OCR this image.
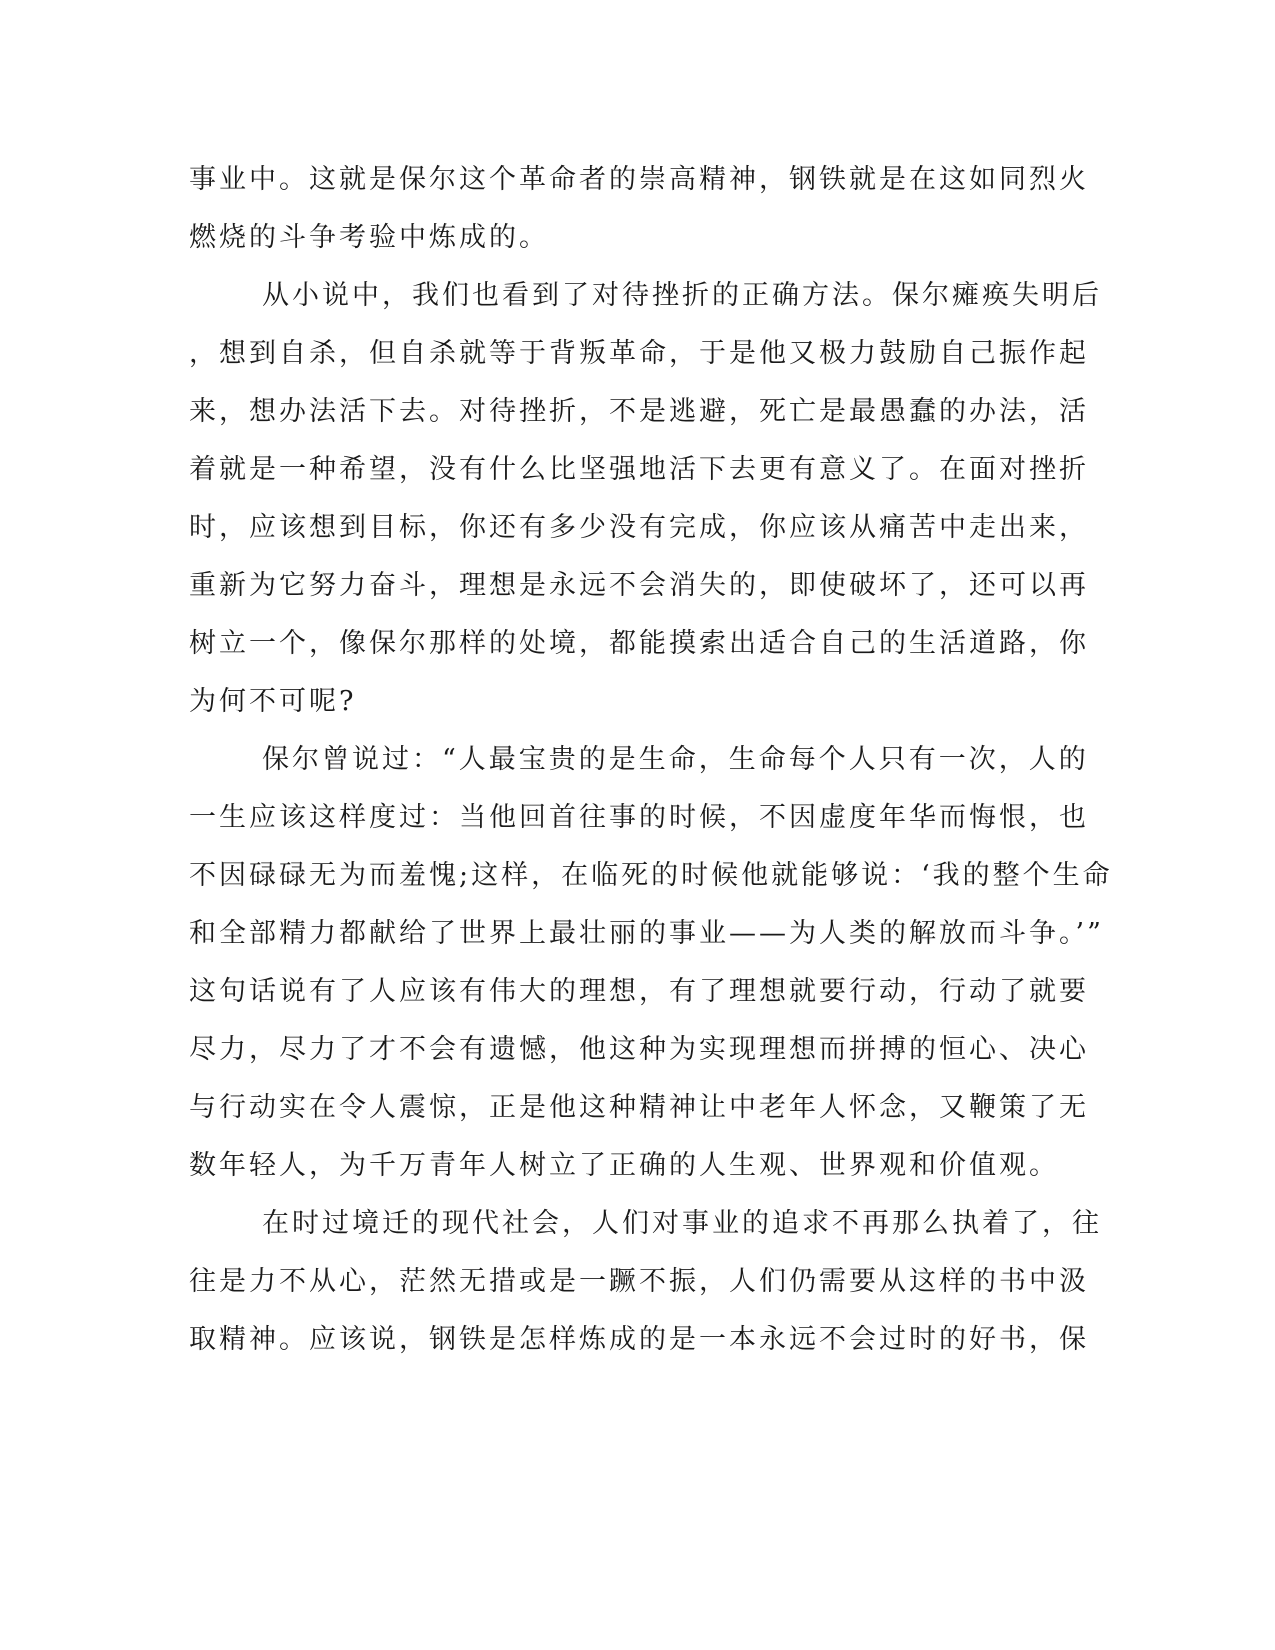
事业中。这就是保尔这个革命者的崇高精神，钢铁就是在这如同烈火
燃烧的斗争考验中炼成的。
从小说中，我们也看到了对待挫折的正确方法。保尔瘫痪失明后
，想到自杀，但自杀就等于背叛革命，于是他又极力鼓励自己振作起
来，想办法活下去。对待挫折，不是逃避，死亡是最愚蠢的办法，活
着就是一种希望，没有什么比坚强地活下去更有意义了。在面对挫折
时，应该想到目标，你还有多少没有完成，你应该从痛苦中走出来，
重新为它努力奋斗，理想是永远不会消失的，即使破坏了，还可以再
树立一个，像保尔那样的处境，都能摸索出适合自己的生活道路，你
为何不可呢?
保尔曾说过：“人最宝贵的是生命，生命每个人只有一次，人的
一生应该这样度过：当他回首往事的时候，不因虚度年华而悔恨，也
不因碌碌无为而羞愧;这样，在临死的时候他就能够说：‘我的整个生命
和全部精力都献给了世界上最壮丽的事业——为人类的解放而斗争。’”
这句话说有了人应该有伟大的理想，有了理想就要行动，行动了就要
尽力，尽力了才不会有遗憾，他这种为实现理想而拼搏的恒心、决心
与行动实在令人震惊，正是他这种精神让中老年人怀念，又鞭策了无
数年轻人，为千万青年人树立了正确的人生观、世界观和价值观。
在时过境迁的现代社会，人们对事业的追求不再那么执着了，往
往是力不从心，茫然无措或是一蹶不振，人们仍需要从这样的书中汲
取精神。应该说，钢铁是怎样炼成的是一本永远不会过时的好书，保
